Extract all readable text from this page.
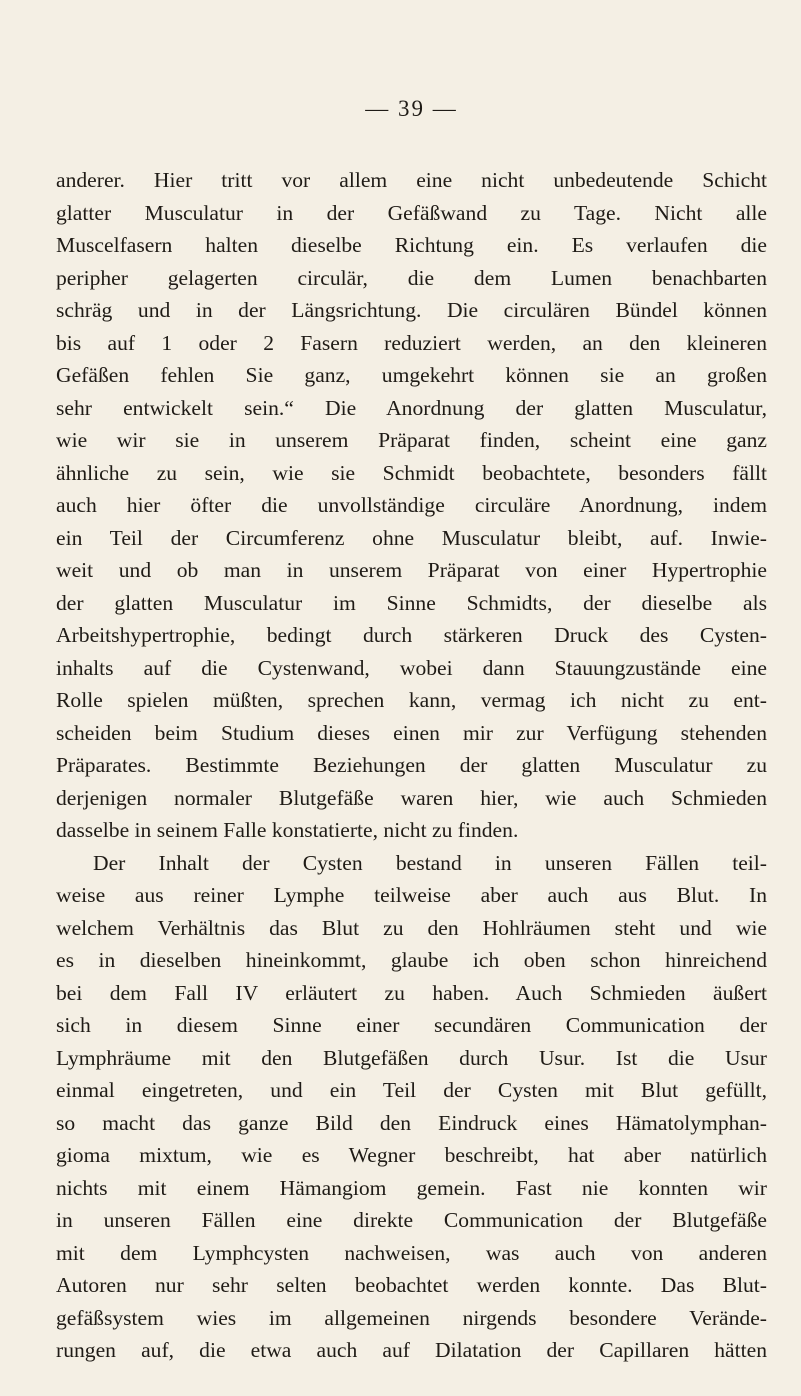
— 39 —
anderer. Hier tritt vor allem eine nicht unbedeutende Schicht
glatter Musculatur in der Gefäßwand zu Tage. Nicht alle
Muscelfasern halten dieselbe Richtung ein. Es verlaufen die
peripher gelagerten circulär, die dem Lumen benachbarten
schräg und in der Längsrichtung. Die circulären Bündel können
bis auf 1 oder 2 Fasern reduziert werden, an den kleineren
Gefäßen fehlen Sie ganz, umgekehrt können sie an großen
sehr entwickelt sein.“ Die Anordnung der glatten Musculatur,
wie wir sie in unserem Präparat finden, scheint eine ganz
ähnliche zu sein, wie sie Schmidt beobachtete, besonders fällt
auch hier öfter die unvollständige circuläre Anordnung, indem
ein Teil der Circumferenz ohne Musculatur bleibt, auf. Inwie-
weit und ob man in unserem Präparat von einer Hypertrophie
der glatten Musculatur im Sinne Schmidts, der dieselbe als
Arbeitshypertrophie, bedingt durch stärkeren Druck des Cysten-
inhalts auf die Cystenwand, wobei dann Stauungzustände eine
Rolle spielen müßten, sprechen kann, vermag ich nicht zu ent-
scheiden beim Studium dieses einen mir zur Verfügung stehenden
Präparates. Bestimmte Beziehungen der glatten Musculatur zu
derjenigen normaler Blutgefäße waren hier, wie auch Schmieden
dasselbe in seinem Falle konstatierte, nicht zu finden.
Der Inhalt der Cysten bestand in unseren Fällen teil-
weise aus reiner Lymphe teilweise aber auch aus Blut. In
welchem Verhältnis das Blut zu den Hohlräumen steht und wie
es in dieselben hineinkommt, glaube ich oben schon hinreichend
bei dem Fall IV erläutert zu haben. Auch Schmieden äußert
sich in diesem Sinne einer secundären Communication der
Lymphräume mit den Blutgefäßen durch Usur. Ist die Usur
einmal eingetreten, und ein Teil der Cysten mit Blut gefüllt,
so macht das ganze Bild den Eindruck eines Hämatolymphan-
gioma mixtum, wie es Wegner beschreibt, hat aber natürlich
nichts mit einem Hämangiom gemein. Fast nie konnten wir
in unseren Fällen eine direkte Communication der Blutgefäße
mit dem Lymphcysten nachweisen, was auch von anderen
Autoren nur sehr selten beobachtet werden konnte. Das Blut-
gefäßsystem wies im allgemeinen nirgends besondere Verände-
rungen auf, die etwa auch auf Dilatation der Capillaren hätten
